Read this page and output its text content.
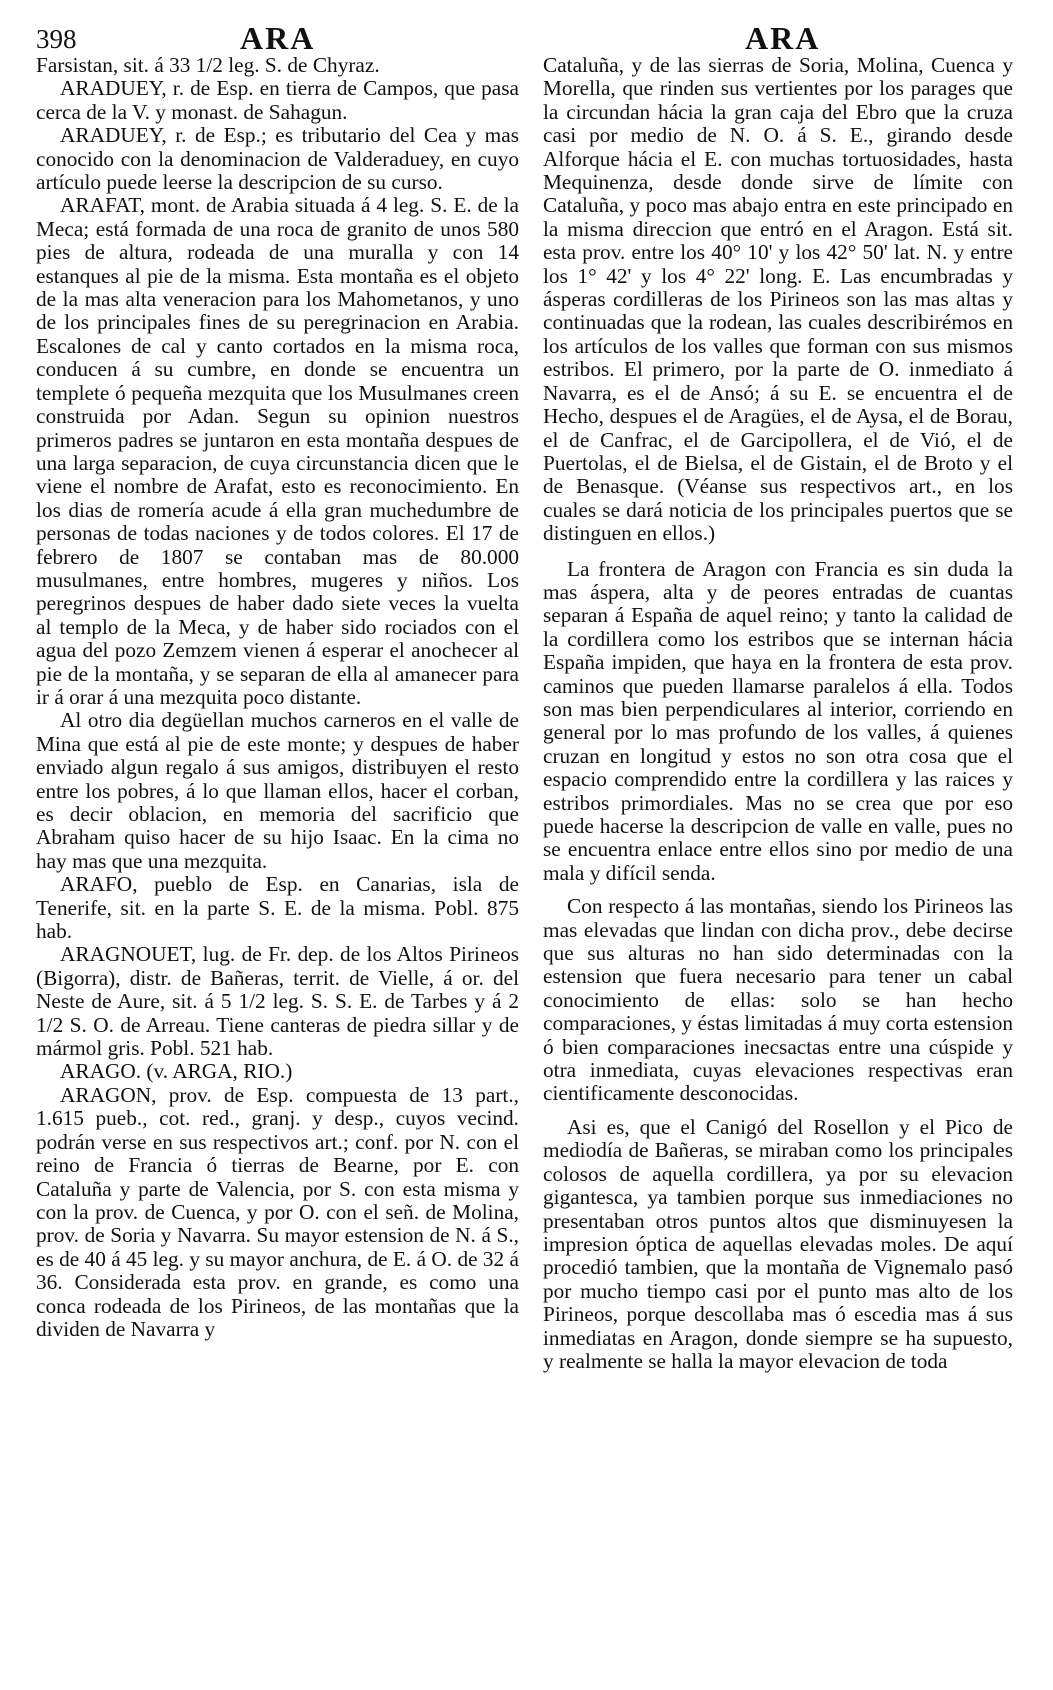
398	ARA	ARA

Farsistan, sit. á 33 1/2 leg. S. de Chyraz.

ARADUEY, r. de Esp. en tierra de Campos, que pasa cerca de la V. y monast. de Sahagun.

ARADUEY, r. de Esp.; es tributario del Cea y mas conocido con la denominacion de Valderaduey, en cuyo artículo puede leerse la descripcion de su curso.

ARAFAT, mont. de Arabia situada á 4 leg. S. E. de la Meca; está formada de una roca de granito de unos 580 pies de altura, rodeada de una muralla y con 14 estanques al pie de la misma. Esta montaña es el objeto de la mas alta veneracion para los Mahometanos, y uno de los principales fines de su peregrinacion en Arabia. Escalones de cal y canto cortados en la misma roca, conducen á su cumbre, en donde se encuentra un templete ó pequeña mezquita que los Musulmanes creen construida por Adan. Segun su opinion nuestros primeros padres se juntaron en esta montaña despues de una larga separacion, de cuya circunstancia dicen que le viene el nombre de Arafat, esto es reconocimiento. En los dias de romería acude á ella gran muchedumbre de personas de todas naciones y de todos colores. El 17 de febrero de 1807 se contaban mas de 80.000 musulmanes, entre hombres, mugeres y niños. Los peregrinos despues de haber dado siete veces la vuelta al templo de la Meca, y de haber sido rociados con el agua del pozo Zemzem vienen á esperar el anochecer al pie de la montaña, y se separan de ella al amanecer para ir á orar á una mezquita poco distante.

Al otro dia degüellan muchos carneros en el valle de Mina que está al pie de este monte; y despues de haber enviado algun regalo á sus amigos, distribuyen el resto entre los pobres, á lo que llaman ellos, hacer el corban, es decir oblacion, en memoria del sacrificio que Abraham quiso hacer de su hijo Isaac. En la cima no hay mas que una mezquita.

ARAFO, pueblo de Esp. en Canarias, isla de Tenerife, sit. en la parte S. E. de la misma. Pobl. 875 hab.

ARAGNOUET, lug. de Fr. dep. de los Altos Pirineos (Bigorra), distr. de Bañeras, territ. de Vielle, á or. del Neste de Aure, sit. á 5 1/2 leg. S. S. E. de Tarbes y á 2 1/2 S. O. de Arreau. Tiene canteras de piedra sillar y de mármol gris. Pobl. 521 hab.

ARAGO. (v. ARGA, RIO.)

ARAGON, prov. de Esp. compuesta de 13 part., 1.615 pueb., cot. red., granj. y desp., cuyos vecind. podrán verse en sus respectivos art.; conf. por N. con el reino de Francia ó tierras de Bearne, por E. con Cataluña y parte de Valencia, por S. con esta misma y con la prov. de Cuenca, y por O. con el señ. de Molina, prov. de Soria y Navarra. Su mayor estension de N. á S., es de 40 á 45 leg. y su mayor anchura, de E. á O. de 32 á 36. Considerada esta prov. en grande, es como una conca rodeada de los Pirineos, de las montañas que la dividen de Navarra y

Cataluña, y de las sierras de Soria, Molina, Cuenca y Morella, que rinden sus vertientes por los parages que la circundan hácia la gran caja del Ebro que la cruza casi por medio de N. O. á S. E., girando desde Alforque hácia el E. con muchas tortuosidades, hasta Mequinenza, desde donde sirve de límite con Cataluña, y poco mas abajo entra en este principado en la misma direccion que entró en el Aragon. Está sit. esta prov. entre los 40° 10' y los 42° 50' lat. N. y entre los 1° 42' y los 4° 22' long. E. Las encumbradas y ásperas cordilleras de los Pirineos son las mas altas y continuadas que la rodean, las cuales describirémos en los artículos de los valles que forman con sus mismos estribos. El primero, por la parte de O. inmediato á Navarra, es el de Ansó; á su E. se encuentra el de Hecho, despues el de Aragües, el de Aysa, el de Borau, el de Canfrac, el de Garcipollera, el de Vió, el de Puertolas, el de Bielsa, el de Gistain, el de Broto y el de Benasque. (Véanse sus respectivos art., en los cuales se dará noticia de los principales puertos que se distinguen en ellos.)

La frontera de Aragon con Francia es sin duda la mas áspera, alta y de peores entradas de cuantas separan á España de aquel reino; y tanto la calidad de la cordillera como los estribos que se internan hácia España impiden, que haya en la frontera de esta prov. caminos que pueden llamarse paralelos á ella. Todos son mas bien perpendiculares al interior, corriendo en general por lo mas profundo de los valles, á quienes cruzan en longitud y estos no son otra cosa que el espacio comprendido entre la cordillera y las raices y estribos primordiales. Mas no se crea que por eso puede hacerse la descripcion de valle en valle, pues no se encuentra enlace entre ellos sino por medio de una mala y difícil senda.

Con respecto á las montañas, siendo los Pirineos las mas elevadas que lindan con dicha prov., debe decirse que sus alturas no han sido determinadas con la estension que fuera necesario para tener un cabal conocimiento de ellas: solo se han hecho comparaciones, y éstas limitadas á muy corta estension ó bien comparaciones inecsactas entre una cúspide y otra inmediata, cuyas elevaciones respectivas eran cientificamente desconocidas.

Asi es, que el Canigó del Rosellon y el Pico de mediodía de Bañeras, se miraban como los principales colosos de aquella cordillera, ya por su elevacion gigantesca, ya tambien porque sus inmediaciones no presentaban otros puntos altos que disminuyesen la impresion óptica de aquellas elevadas moles. De aquí procedió tambien, que la montaña de Vignemalo pasó por mucho tiempo casi por el punto mas alto de los Pirineos, porque descollaba mas ó escedia mas á sus inmediatas en Aragon, donde siempre se ha supuesto, y realmente se halla la mayor elevacion de toda
